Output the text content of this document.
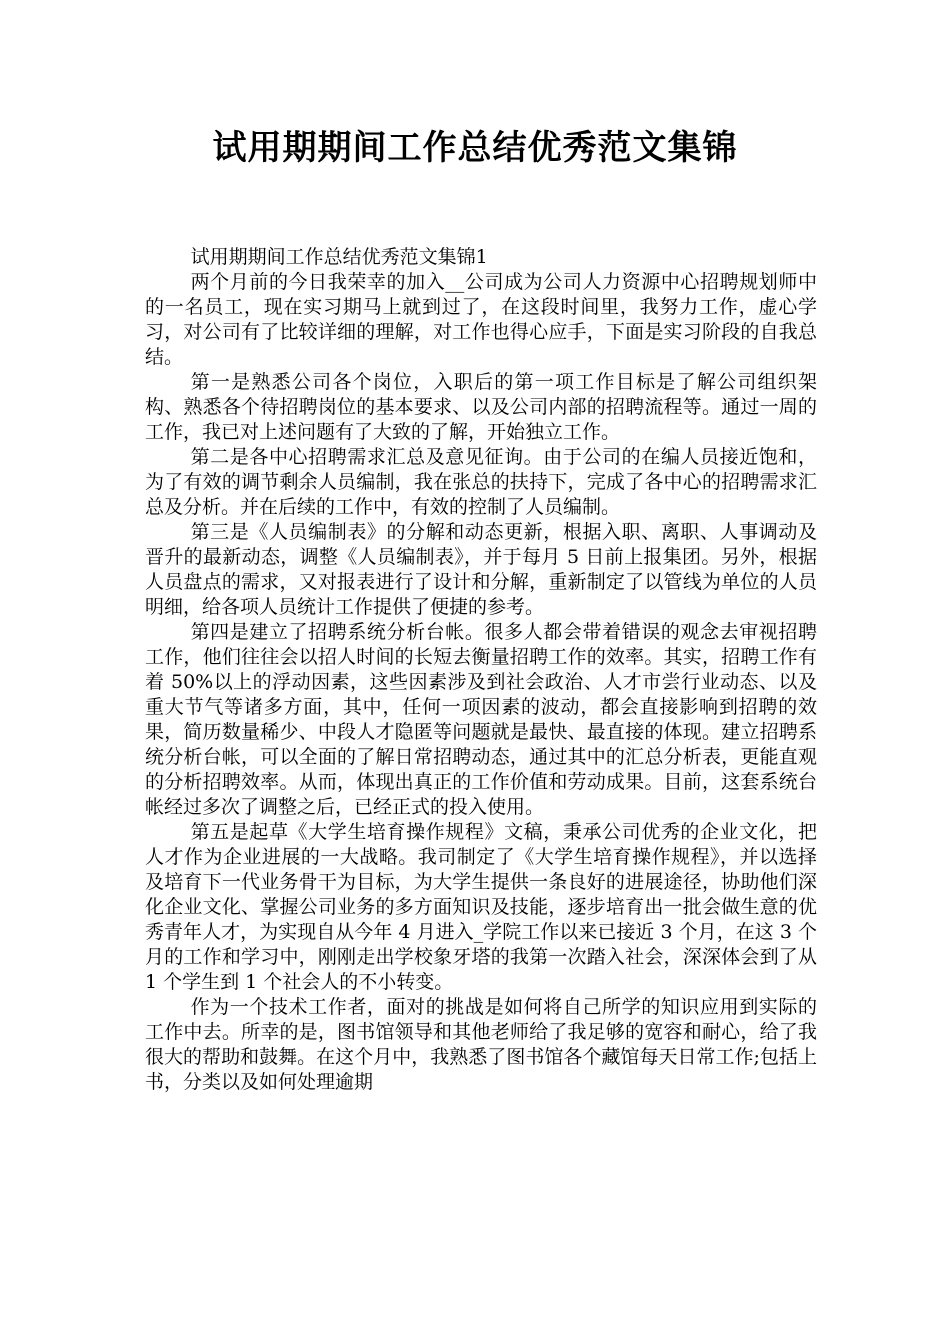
试用期期间工作总结优秀范文集锦

试用期期间工作总结优秀范文集锦1

两个月前的今日我荣幸的加入__公司成为公司人力资源中心招聘规划师中的一名员工，现在实习期马上就到过了，在这段时间里，我努力工作，虚心学习，对公司有了比较详细的理解，对工作也得心应手，下面是实习阶段的自我总结。

第一是熟悉公司各个岗位，入职后的第一项工作目标是了解公司组织架构、熟悉各个待招聘岗位的基本要求、以及公司内部的招聘流程等。通过一周的工作，我已对上述问题有了大致的了解，开始独立工作。

第二是各中心招聘需求汇总及意见征询。由于公司的在编人员接近饱和，为了有效的调节剩余人员编制，我在张总的扶持下，完成了各中心的招聘需求汇总及分析。并在后续的工作中，有效的控制了人员编制。

第三是《人员编制表》的分解和动态更新，根据入职、离职、人事调动及晋升的最新动态，调整《人员编制表》，并于每月 5 日前上报集团。另外，根据人员盘点的需求，又对报表进行了设计和分解，重新制定了以管线为单位的人员明细，给各项人员统计工作提供了便捷的参考。

第四是建立了招聘系统分析台帐。很多人都会带着错误的观念去审视招聘工作，他们往往会以招人时间的长短去衡量招聘工作的效率。其实，招聘工作有着 50%以上的浮动因素，这些因素涉及到社会政治、人才市尝行业动态、以及重大节气等诸多方面，其中，任何一项因素的波动，都会直接影响到招聘的效果，简历数量稀少、中段人才隐匿等问题就是最快、最直接的体现。建立招聘系统分析台帐，可以全面的了解日常招聘动态，通过其中的汇总分析表，更能直观的分析招聘效率。从而，体现出真正的工作价值和劳动成果。目前，这套系统台帐经过多次了调整之后，已经正式的投入使用。

第五是起草《大学生培育操作规程》文稿，秉承公司优秀的企业文化，把人才作为企业进展的一大战略。我司制定了《大学生培育操作规程》，并以选择及培育下一代业务骨干为目标，为大学生提供一条良好的进展途径，协助他们深化企业文化、掌握公司业务的多方面知识及技能，逐步培育出一批会做生意的优秀青年人才，为实现自从今年 4 月进入_学院工作以来已接近 3 个月，在这 3 个月的工作和学习中，刚刚走出学校象牙塔的我第一次踏入社会，深深体会到了从 1 个学生到 1 个社会人的不小转变。

作为一个技术工作者，面对的挑战是如何将自己所学的知识应用到实际的工作中去。所幸的是，图书馆领导和其他老师给了我足够的宽容和耐心，给了我很大的帮助和鼓舞。在这个月中，我熟悉了图书馆各个藏馆每天日常工作;包括上书，分类以及如何处理逾期
